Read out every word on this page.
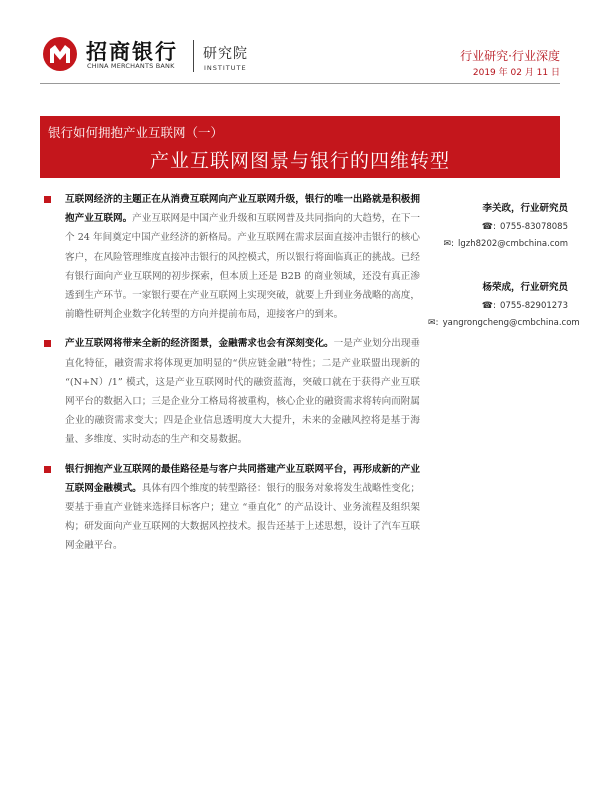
招商银行
CHINA MERCHANTS BANK
研究院
INSTITUTE
行业研究·行业深度
2019 年 02 月 11 日
银行如何拥抱产业互联网（一）
产业互联网图景与银行的四维转型
互联网经济的主题正在从消费互联网向产业互联网升级，银行的唯一出路就是积极拥抱产业互联网。产业互联网是中国产业升级和互联网普及共同指向的大趋势，在下一个 24 年间奠定中国产业经济的新格局。产业互联网在需求层面直接冲击银行的核心客户，在风险管理维度直接冲击银行的风控模式，所以银行将面临真正的挑战。已经有银行面向产业互联网的初步探索，但本质上还是 B2B 的商业领域，还没有真正渗透到生产环节。一家银行要在产业互联网上实现突破，就要上升到业务战略的高度，前瞻性研判企业数字化转型的方向并提前布局，迎接客户的到来。
产业互联网将带来全新的经济图景，金融需求也会有深刻变化。一是产业划分出现垂直化特征，融资需求将体现更加明显的“供应链金融”特性；二是产业联盟出现新的 “(N+N）/1” 模式，这是产业互联网时代的融资蓝海，突破口就在于获得产业互联网平台的数据入口；三是企业分工格局将被重构，核心企业的融资需求将转向而附属企业的融资需求变大；四是企业信息透明度大大提升，未来的金融风控将是基于海量、多维度、实时动态的生产和交易数据。
银行拥抱产业互联网的最佳路径是与客户共同搭建产业互联网平台，再形成新的产业互联网金融模式。具体有四个维度的转型路径：银行的服务对象将发生战略性变化；要基于垂直产业链来选择目标客户；建立 “垂直化” 的产品设计、业务流程及组织架构；研发面向产业互联网的大数据风控技术。报告还基于上述思想，设计了汽车互联网金融平台。
李关政，行业研究员
☎: 0755-83078085
✉: lgzh8202@cmbchina.com
杨荣成，行业研究员
☎: 0755-82901273
✉: yangrongcheng@cmbchina.com
